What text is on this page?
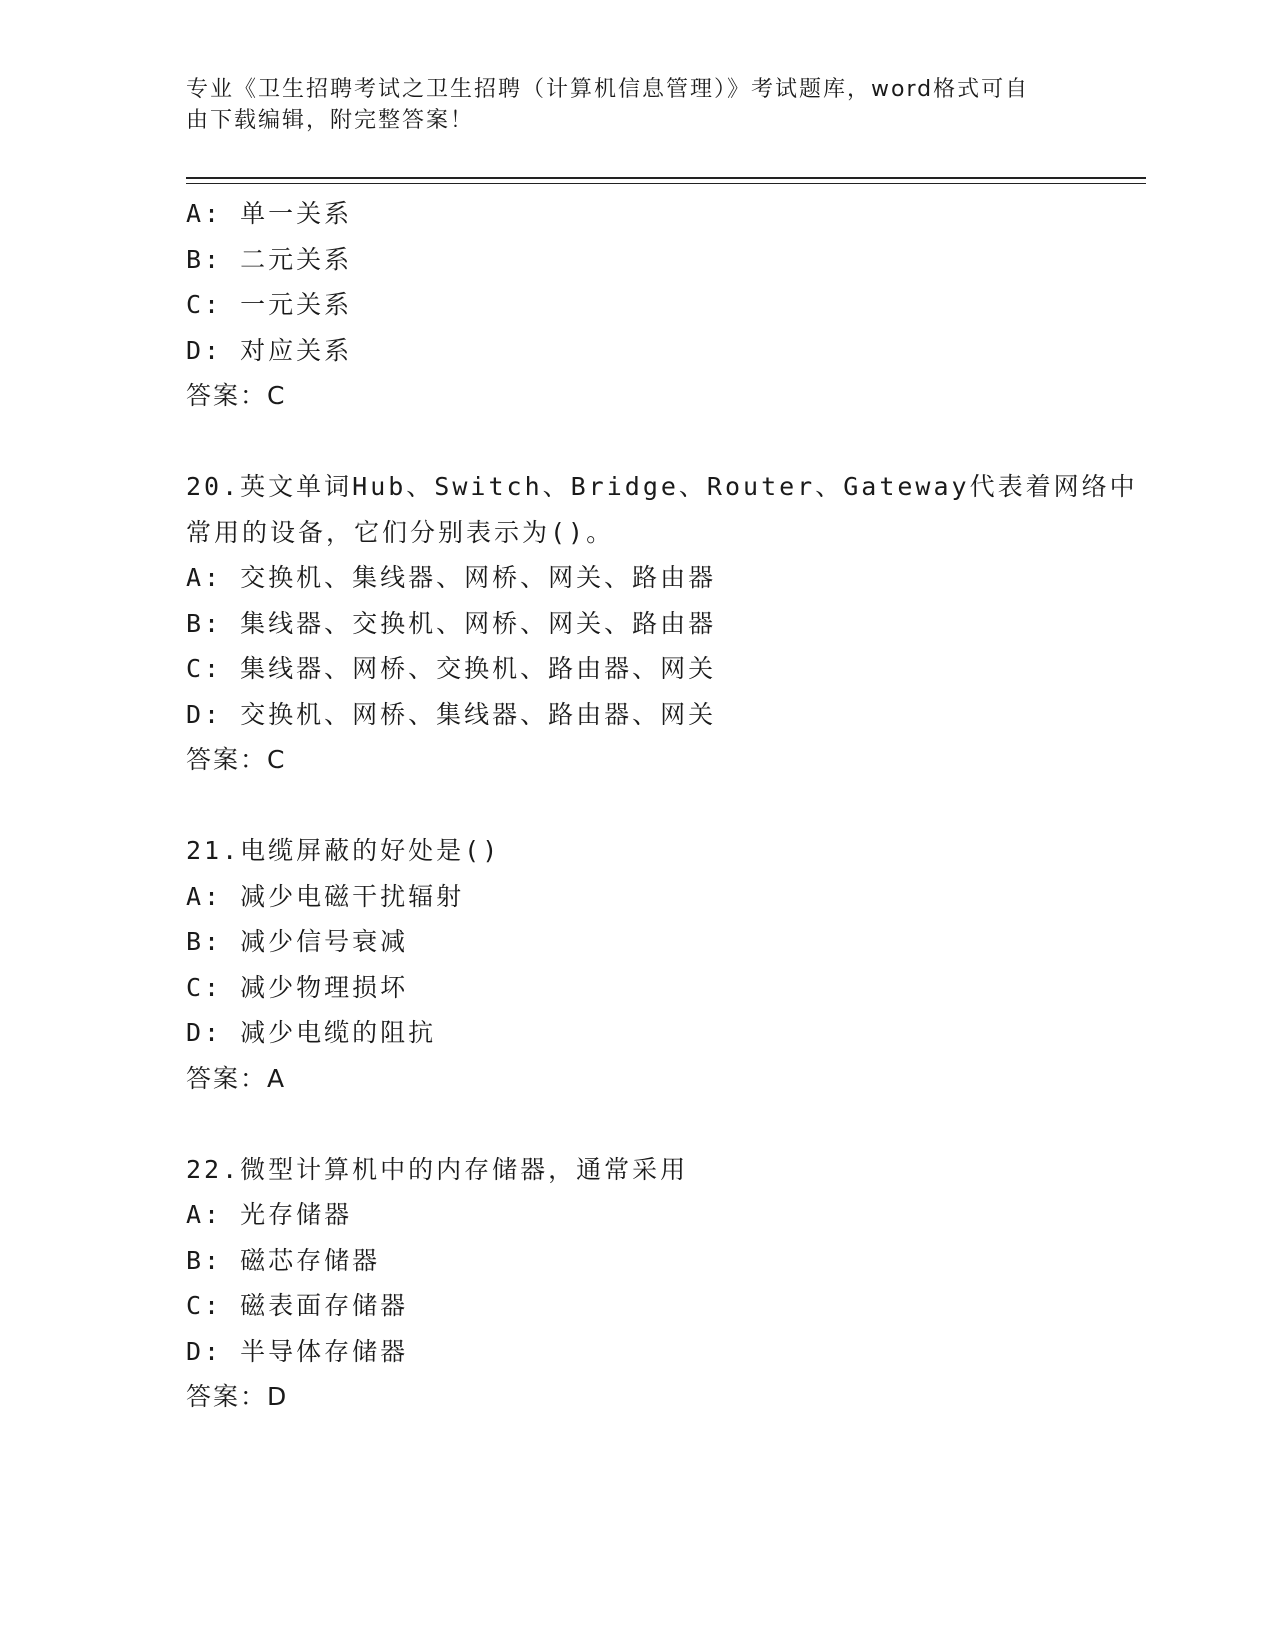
专业《卫生招聘考试之卫生招聘（计算机信息管理）》考试题库，word格式可自
由下载编辑，附完整答案！
A: 单一关系
B: 二元关系
C: 一元关系
D: 对应关系
答案：C
20.英文单词Hub、Switch、Bridge、Router、Gateway代表着网络中
常用的设备，它们分别表示为()。
A: 交换机、集线器、网桥、网关、路由器
B: 集线器、交换机、网桥、网关、路由器
C: 集线器、网桥、交换机、路由器、网关
D: 交换机、网桥、集线器、路由器、网关
答案：C
21.电缆屏蔽的好处是()
A: 减少电磁干扰辐射
B: 减少信号衰减
C: 减少物理损坏
D: 减少电缆的阻抗
答案：A
22.微型计算机中的内存储器，通常采用
A: 光存储器
B: 磁芯存储器
C: 磁表面存储器
D: 半导体存储器
答案：D
